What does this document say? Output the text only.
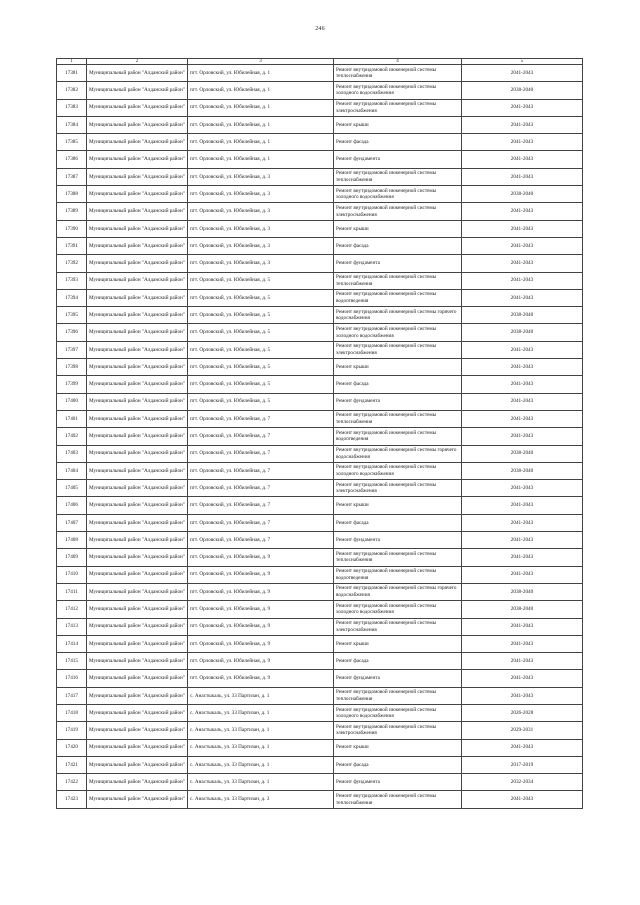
246
1	2	3	4	5
17381	Муниципальный район "Алданский район"	пгт. Орловский, ул. Юбилейная, д. 1	Ремонт внутридомовой инженерной системы теплоснабжения	2041-2043
17382	Муниципальный район "Алданский район"	пгт. Орловский, ул. Юбилейная, д. 1	Ремонт внутридомовой инженерной системы холодного водоснабжения	2038-2040
17383	Муниципальный район "Алданский район"	пгт. Орловский, ул. Юбилейная, д. 1	Ремонт внутридомовой инженерной системы электроснабжения	2041-2043
17384	Муниципальный район "Алданский район"	пгт. Орловский, ул. Юбилейная, д. 1	Ремонт крыши	2041-2043
17385	Муниципальный район "Алданский район"	пгт. Орловский, ул. Юбилейная, д. 1	Ремонт фасада	2041-2043
17386	Муниципальный район "Алданский район"	пгт. Орловский, ул. Юбилейная, д. 1	Ремонт фундамента	2041-2043
17387	Муниципальный район "Алданский район"	пгт. Орловский, ул. Юбилейная, д. 3	Ремонт внутридомовой инженерной системы теплоснабжения	2041-2043
17388	Муниципальный район "Алданский район"	пгт. Орловский, ул. Юбилейная, д. 3	Ремонт внутридомовой инженерной системы холодного водоснабжения	2038-2040
17389	Муниципальный район "Алданский район"	пгт. Орловский, ул. Юбилейная, д. 3	Ремонт внутридомовой инженерной системы электроснабжения	2041-2043
17390	Муниципальный район "Алданский район"	пгт. Орловский, ул. Юбилейная, д. 3	Ремонт крыши	2041-2043
17391	Муниципальный район "Алданский район"	пгт. Орловский, ул. Юбилейная, д. 3	Ремонт фасада	2041-2043
17392	Муниципальный район "Алданский район"	пгт. Орловский, ул. Юбилейная, д. 3	Ремонт фундамента	2041-2043
17393	Муниципальный район "Алданский район"	пгт. Орловский, ул. Юбилейная, д. 5	Ремонт внутридомовой инженерной системы теплоснабжения	2041-2043
17394	Муниципальный район "Алданский район"	пгт. Орловский, ул. Юбилейная, д. 5	Ремонт внутридомовой инженерной системы водоотведения	2041-2043
17395	Муниципальный район "Алданский район"	пгт. Орловский, ул. Юбилейная, д. 5	Ремонт внутридомовой инженерной системы горячего водоснабжения	2038-2040
17396	Муниципальный район "Алданский район"	пгт. Орловский, ул. Юбилейная, д. 5	Ремонт внутридомовой инженерной системы холодного водоснабжения	2038-2040
17397	Муниципальный район "Алданский район"	пгт. Орловский, ул. Юбилейная, д. 5	Ремонт внутридомовой инженерной системы электроснабжения	2041-2043
17398	Муниципальный район "Алданский район"	пгт. Орловский, ул. Юбилейная, д. 5	Ремонт крыши	2041-2043
17399	Муниципальный район "Алданский район"	пгт. Орловский, ул. Юбилейная, д. 5	Ремонт фасада	2041-2043
17400	Муниципальный район "Алданский район"	пгт. Орловский, ул. Юбилейная, д. 5	Ремонт фундамента	2041-2043
17401	Муниципальный район "Алданский район"	пгт. Орловский, ул. Юбилейная, д. 7	Ремонт внутридомовой инженерной системы теплоснабжения	2041-2043
17402	Муниципальный район "Алданский район"	пгт. Орловский, ул. Юбилейная, д. 7	Ремонт внутридомовой инженерной системы водоотведения	2041-2043
17403	Муниципальный район "Алданский район"	пгт. Орловский, ул. Юбилейная, д. 7	Ремонт внутридомовой инженерной системы горячего водоснабжения	2038-2040
17404	Муниципальный район "Алданский район"	пгт. Орловский, ул. Юбилейная, д. 7	Ремонт внутридомовой инженерной системы холодного водоснабжения	2038-2040
17405	Муниципальный район "Алданский район"	пгт. Орловский, ул. Юбилейная, д. 7	Ремонт внутридомовой инженерной системы электроснабжения	2041-2043
17406	Муниципальный район "Алданский район"	пгт. Орловский, ул. Юбилейная, д. 7	Ремонт крыши	2041-2043
17407	Муниципальный район "Алданский район"	пгт. Орловский, ул. Юбилейная, д. 7	Ремонт фасада	2041-2043
17408	Муниципальный район "Алданский район"	пгт. Орловский, ул. Юбилейная, д. 7	Ремонт фундамента	2041-2043
17409	Муниципальный район "Алданский район"	пгт. Орловский, ул. Юбилейная, д. 9	Ремонт внутридомовой инженерной системы теплоснабжения	2041-2043
17410	Муниципальный район "Алданский район"	пгт. Орловский, ул. Юбилейная, д. 9	Ремонт внутридомовой инженерной системы водоотведения	2041-2043
17411	Муниципальный район "Алданский район"	пгт. Орловский, ул. Юбилейная, д. 9	Ремонт внутридомовой инженерной системы горячего водоснабжения	2038-2040
17412	Муниципальный район "Алданский район"	пгт. Орловский, ул. Юбилейная, д. 9	Ремонт внутридомовой инженерной системы холодного водоснабжения	2038-2040
17413	Муниципальный район "Алданский район"	пгт. Орловский, ул. Юбилейная, д. 9	Ремонт внутридомовой инженерной системы электроснабжения	2041-2043
17414	Муниципальный район "Алданский район"	пгт. Орловский, ул. Юбилейная, д. 9	Ремонт крыши	2041-2043
17415	Муниципальный район "Алданский район"	пгт. Орловский, ул. Юбилейная, д. 9	Ремонт фасада	2041-2043
17416	Муниципальный район "Алданский район"	пгт. Орловский, ул. Юбилейная, д. 9	Ремонт фундамента	2041-2043
17417	Муниципальный район "Алданский район"	с. Анастыкаль, ул. 33 Партизан, д. 1	Ремонт внутридомовой инженерной системы теплоснабжения	2041-2043
17418	Муниципальный район "Алданский район"	с. Анастыкаль, ул. 33 Партизан, д. 1	Ремонт внутридомовой инженерной системы холодного водоснабжения	2026-2028
17419	Муниципальный район "Алданский район"	с. Анастыкаль, ул. 33 Партизан, д. 1	Ремонт внутридомовой инженерной системы электроснабжения	2029-2031
17420	Муниципальный район "Алданский район"	с. Анастыкаль, ул. 33 Партизан, д. 1	Ремонт крыши	2041-2043
17421	Муниципальный район "Алданский район"	с. Анастыкаль, ул. 33 Партизан, д. 1	Ремонт фасада	2017-2019
17422	Муниципальный район "Алданский район"	с. Анастыкаль, ул. 33 Партизан, д. 1	Ремонт фундамента	2032-2034
17423	Муниципальный район "Алданский район"	с. Анастыкаль, ул. 33 Партизан, д. 3	Ремонт внутридомовой инженерной системы теплоснабжения	2041-2043
